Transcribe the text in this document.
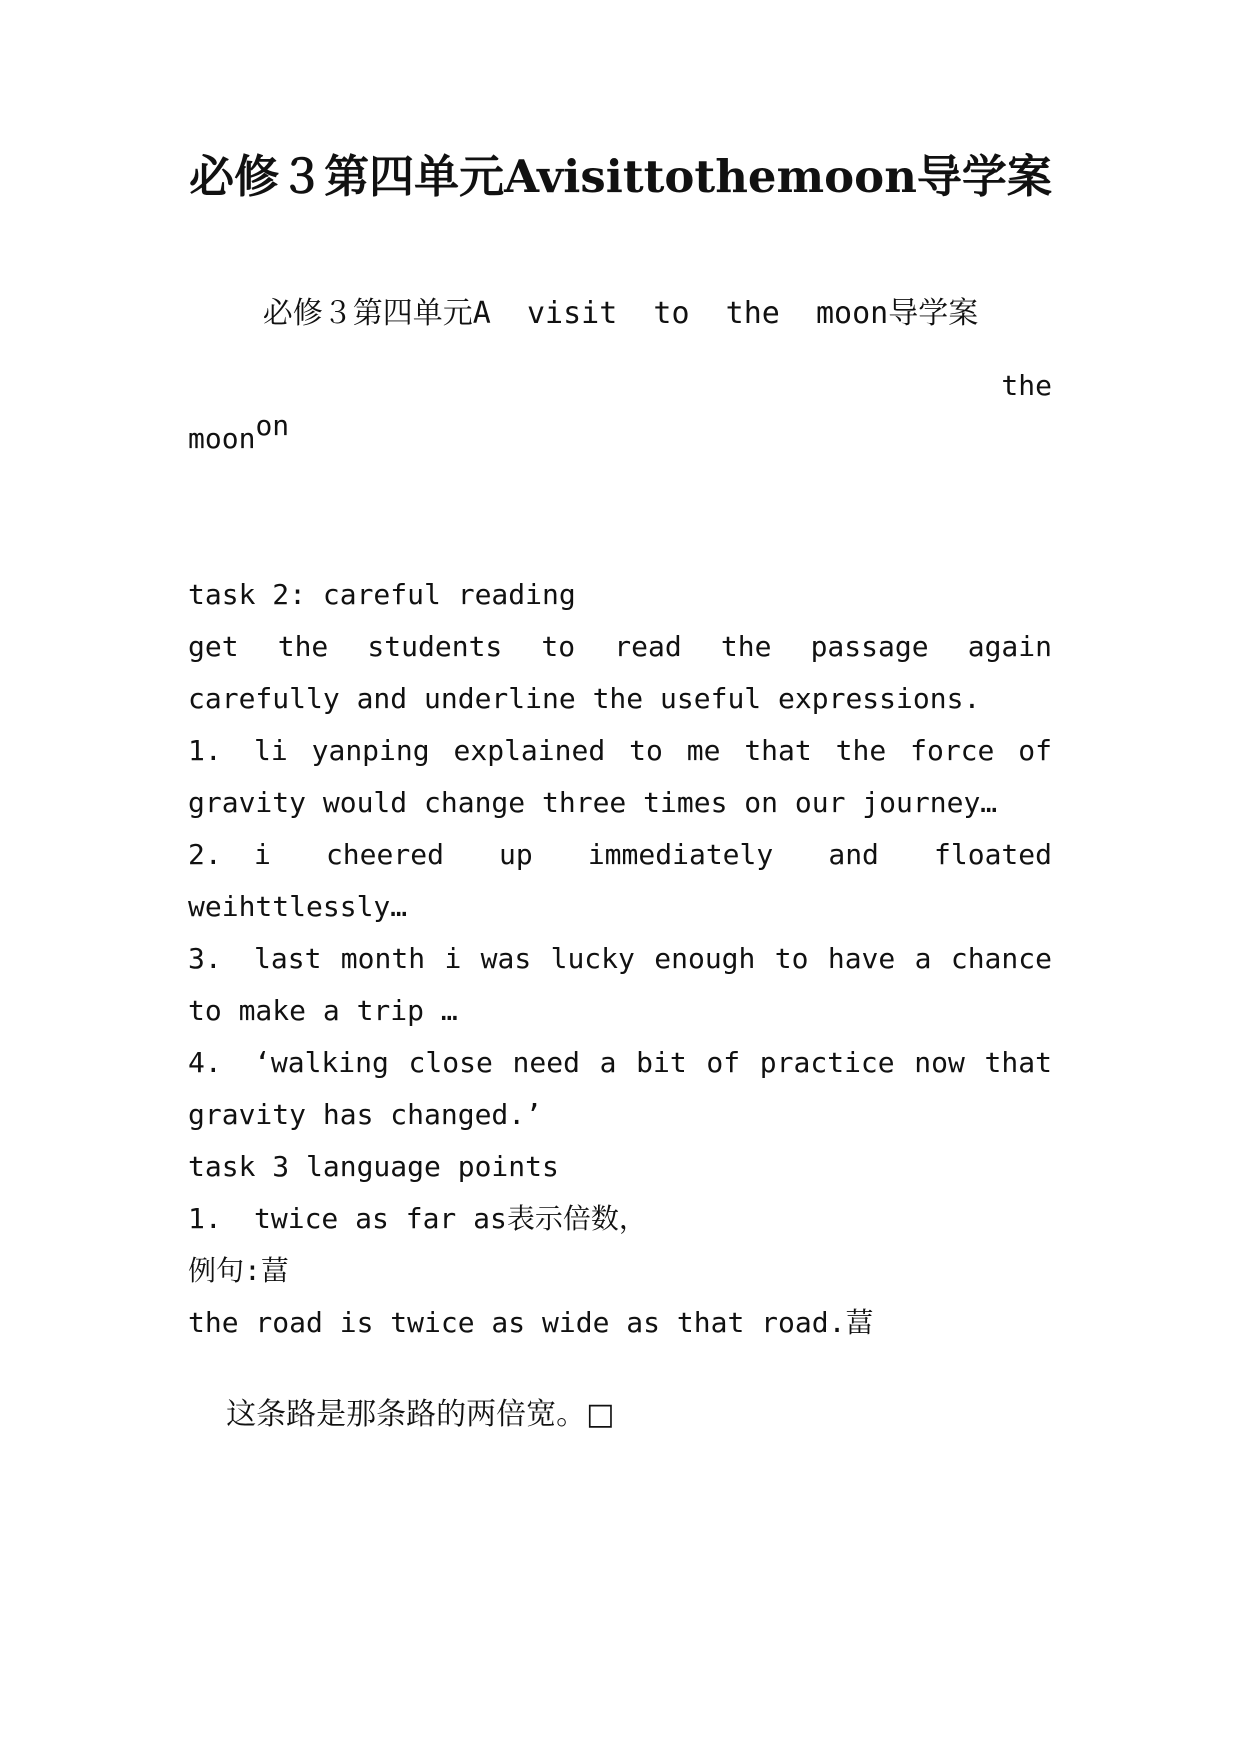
必修３第四单元Avisittothemoon导学案
必修３第四单元A  visit  to  the  moon导学案

on

the
moon
task 2: careful reading
get the students to read the passage again
carefully and underline the useful expressions.
1.	li yanping explained to me that the force of
gravity would change three times on our journey…
2.	i cheered up immediately and floated
weihttlessly…
3.	last month i was lucky enough to have a chance
to make a trip …
4.	‘walking close need a bit of practice now that
gravity has changed.’
task 3 language points
1.	twice as far as表示倍数，
例句:葍
the road is twice as wide as that road.葍

这条路是那条路的两倍宽。□
